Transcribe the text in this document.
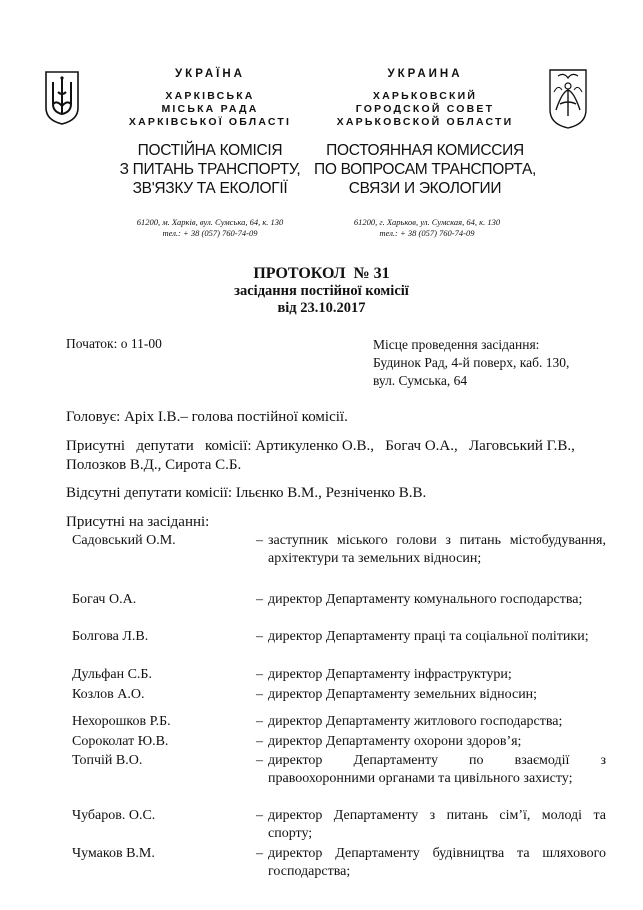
УКРАЇНА
ХАРКІВСЬКА
МІСЬКА РАДА
ХАРКІВСЬКОЇ ОБЛАСТІ
ПОСТІЙНА КОМІСІЯ
З ПИТАНЬ ТРАНСПОРТУ,
ЗВ'ЯЗКУ ТА ЕКОЛОГІЇ
УКРАИНА
ХАРЬКОВСКИЙ
ГОРОДСКОЙ СОВЕТ
ХАРЬКОВСКОЙ ОБЛАСТИ
ПОСТОЯННАЯ КОМИССИЯ
ПО ВОПРОСАМ ТРАНСПОРТА,
СВЯЗИ И ЭКОЛОГИИ
61200, м. Харків, вул. Сумська, 64, к. 130
тел.: + 38 (057) 760-74-09
61200, г. Харьков, ул. Сумская, 64, к. 130
тел.: + 38 (057) 760-74-09
ПРОТОКОЛ  № 31
засідання постійної комісії
від 23.10.2017
Початок: о 11-00	Місце проведення засідання:
Будинок Рад, 4-й поверх, каб. 130,
вул. Сумська, 64
Головує: Аріх І.В.– голова постійної комісії.
Присутні   депутати   комісії: Артикуленко О.В.,   Богач О.А.,   Лаговський Г.В.,
Полозков В.Д., Сирота С.Б.
Відсутні депутати комісії: Ільєнко В.М., Резніченко В.В.
Присутні на засіданні:
Садовський О.М.	– заступник міського голови з питань містобудування, архітектури та земельних відносин;
Богач О.А.	– директор Департаменту комунального господарства;
Болгова Л.В.	– директор Департаменту праці та соціальної політики;
Дульфан С.Б.	– директор Департаменту інфраструктури;
Козлов А.О.	– директор Департаменту земельних відносин;
Нехорошков Р.Б.	– директор Департаменту житлового господарства;
Сороколат Ю.В.	– директор Департаменту охорони здоров’я;
Топчій В.О.	– директор Департаменту по взаємодії з правоохоронними органами та цивільного захисту;
Чубаров. О.С.	– директор Департаменту з питань сім’ї, молоді та спорту;
Чумаков В.М.	– директор Департаменту будівництва та шляхового господарства;
